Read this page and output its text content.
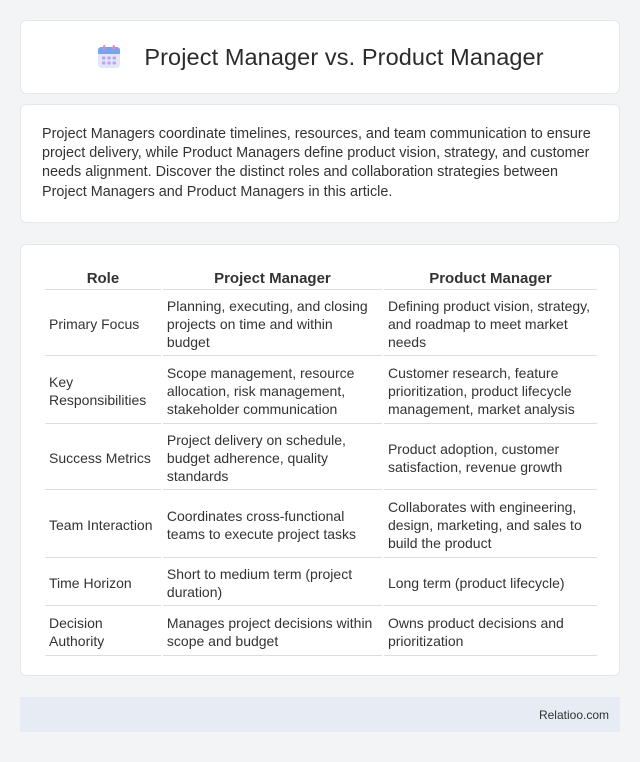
Project Manager vs. Product Manager

Project Managers coordinate timelines, resources, and team communication to ensure project delivery, while Product Managers define product vision, strategy, and customer needs alignment. Discover the distinct roles and collaboration strategies between Project Managers and Product Managers in this article.

Role	Project Manager	Product Manager
Primary Focus	Planning, executing, and closing projects on time and within budget	Defining product vision, strategy, and roadmap to meet market needs
Key Responsibilities	Scope management, resource allocation, risk management, stakeholder communication	Customer research, feature prioritization, product lifecycle management, market analysis
Success Metrics	Project delivery on schedule, budget adherence, quality standards	Product adoption, customer satisfaction, revenue growth
Team Interaction	Coordinates cross-functional teams to execute project tasks	Collaborates with engineering, design, marketing, and sales to build the product
Time Horizon	Short to medium term (project duration)	Long term (product lifecycle)
Decision Authority	Manages project decisions within scope and budget	Owns product decisions and prioritization
Relatioo.com
